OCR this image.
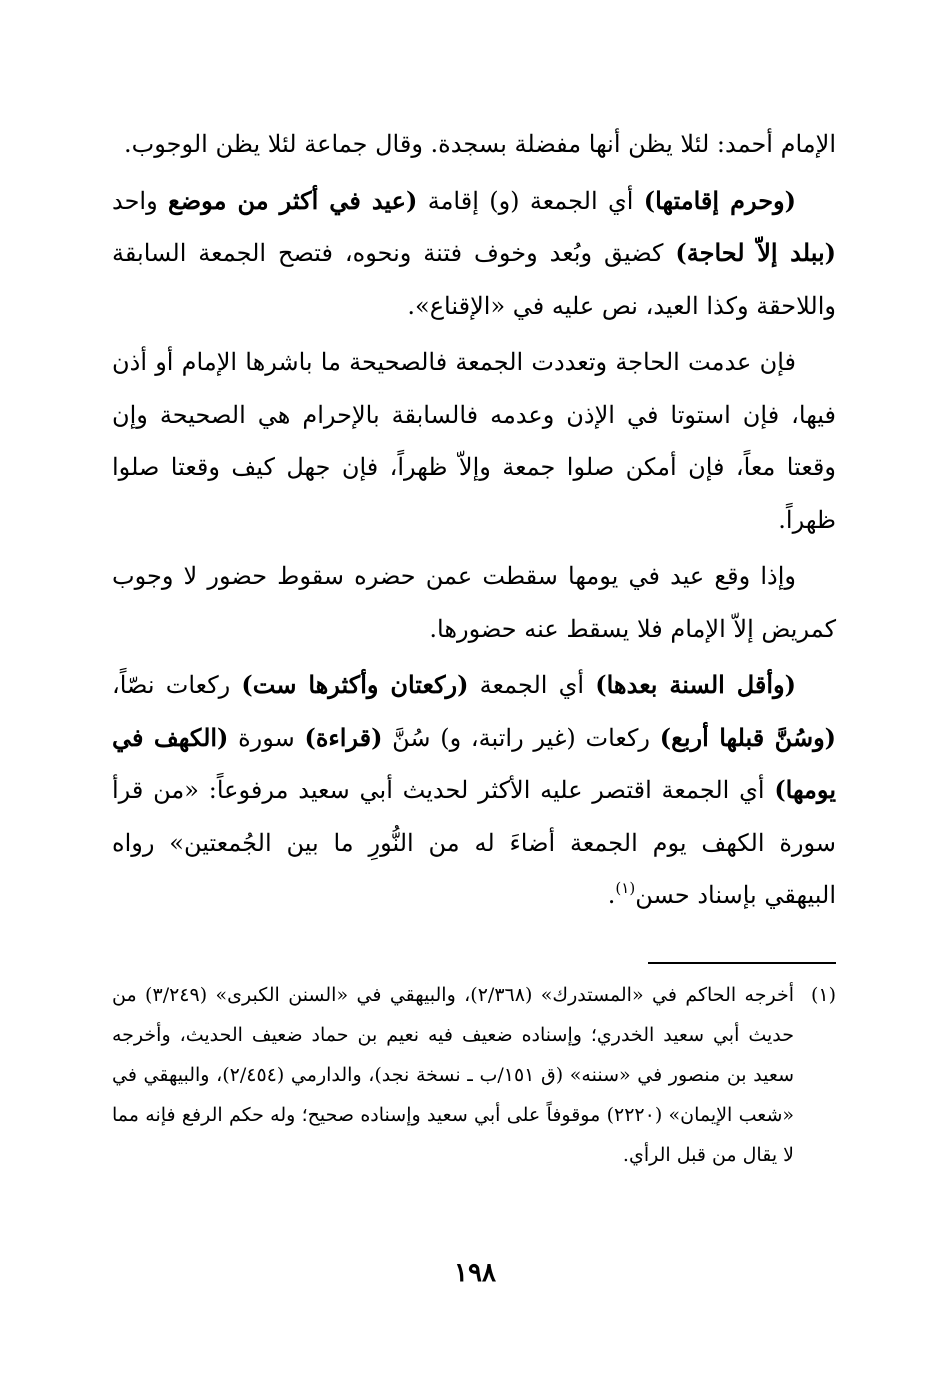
الإمام أحمد: لئلا يظن أنها مفضلة بسجدة. وقال جماعة لئلا يظن الوجوب.

(وحرم إقامتها) أي الجمعة (و) إقامة (عيد في أكثر من موضع واحد (ببلد إلاّ لحاجة) كضيق وبُعد وخوف فتنة ونحوه، فتصح الجمعة السابقة واللاحقة وكذا العيد، نص عليه في «الإقناع».

فإن عدمت الحاجة وتعددت الجمعة فالصحيحة ما باشرها الإمام أو أذن فيها، فإن استوتا في الإذن وعدمه فالسابقة بالإحرام هي الصحيحة وإن وقعتا معاً، فإن أمكن صلوا جمعة وإلاّ ظهراً، فإن جهل كيف وقعتا صلوا ظهراً.

وإذا وقع عيد في يومها سقطت عمن حضره سقوط حضور لا وجوب كمريض إلاّ الإمام فلا يسقط عنه حضورها.

(وأقل السنة بعدها) أي الجمعة (ركعتان وأكثرها ست) ركعات نصّاً، (وسُنَّ قبلها أربع) ركعات (غير راتبة، و) سُنَّ (قراءة) سورة (الكهف في يومها) أي الجمعة اقتصر عليه الأكثر لحديث أبي سعيد مرفوعاً: «من قرأ سورة الكهف يوم الجمعة أضاءَ له من النُّورِ ما بين الجُمعتين» رواه البيهقي بإسناد حسن$^{(١)}$.

(١)
أخرجه الحاكم في «المستدرك» (٢/٣٦٨)، والبيهقي في «السنن الكبرى» (٣/٢٤٩) من حديث أبي سعيد الخدري؛ وإسناده ضعيف فيه نعيم بن حماد ضعيف الحديث، وأخرجه سعيد بن منصور في «سننه» (ق ١٥١/ب ـ نسخة نجد)، والدارمي (٢/٤٥٤)، والبيهقي في «شعب الإيمان» (٢٢٢٠) موقوفاً على أبي سعيد وإسناده صحيح؛ وله حكم الرفع فإنه مما لا يقال من قبل الرأي.

١٩٨
